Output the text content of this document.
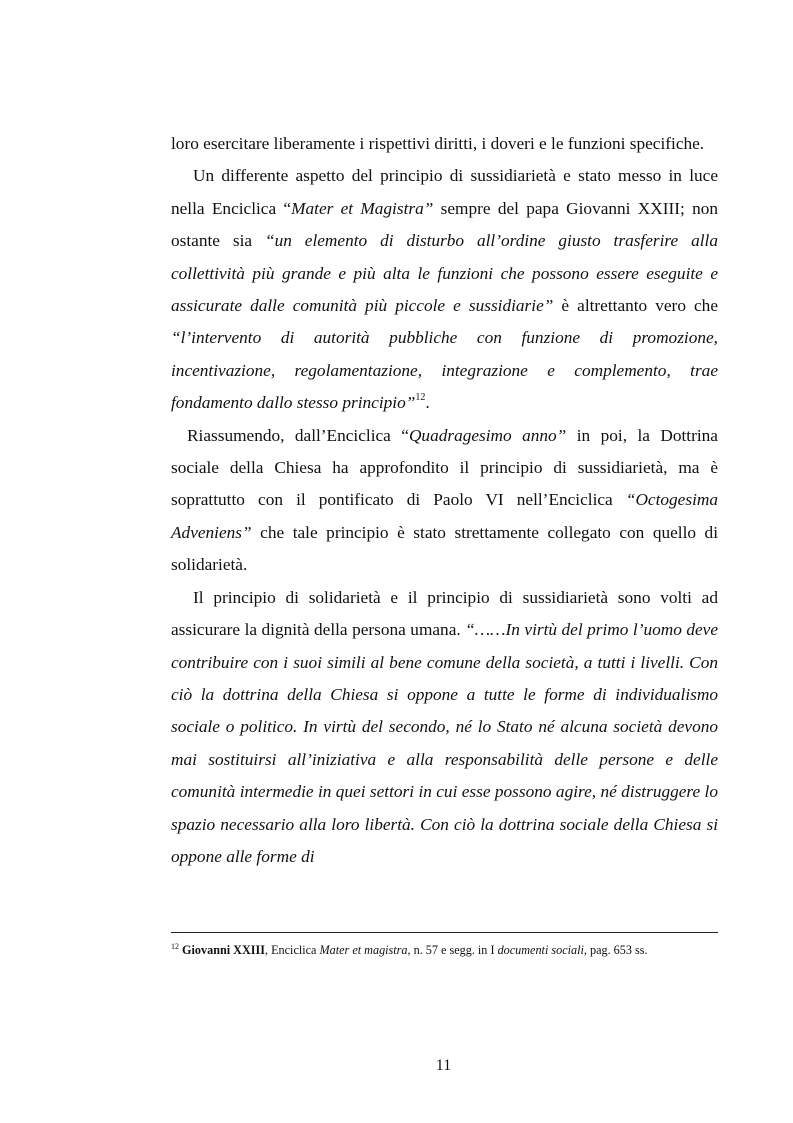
loro esercitare liberamente i rispettivi diritti, i doveri e le funzioni specifiche.

Un differente aspetto del principio di sussidiarietà e stato messo in luce nella Enciclica “Mater et Magistra” sempre del papa Giovanni XXIII; non ostante sia “un elemento di disturbo all’ordine giusto trasferire alla collettività più grande e più alta le funzioni che possono essere eseguite e assicurate dalle comunità più piccole e sussidiarie” è altrettanto vero che “l’intervento di autorità pubbliche con funzione di promozione, incentivazione, regolamentazione, integrazione e complemento, trae fondamento dallo stesso principio”$^{12}$.

Riassumendo, dall’Enciclica “Quadragesimo anno” in poi, la Dottrina sociale della Chiesa ha approfondito il principio di sussidiarietà, ma è soprattutto con il pontificato di Paolo VI nell’Enciclica “Octogesima Adveniens” che tale principio è stato strettamente collegato con quello di solidarietà.

Il principio di solidarietà e il principio di sussidiarietà sono volti ad assicurare la dignità della persona umana. “……In virtù del primo l’uomo deve contribuire con i suoi simili al bene comune della società, a tutti i livelli. Con ciò la dottrina della Chiesa si oppone a tutte le forme di individualismo sociale o politico. In virtù del secondo, né lo Stato né alcuna società devono mai sostituirsi all’iniziativa e alla responsabilità delle persone e delle comunità intermedie in quei settori in cui esse possono agire, né distruggere lo spazio necessario alla loro libertà. Con ciò la dottrina sociale della Chiesa si oppone alle forme di

$^{12}$ Giovanni XXIII, Enciclica Mater et magistra, n. 57 e segg. in I documenti sociali, pag. 653 ss.
11
